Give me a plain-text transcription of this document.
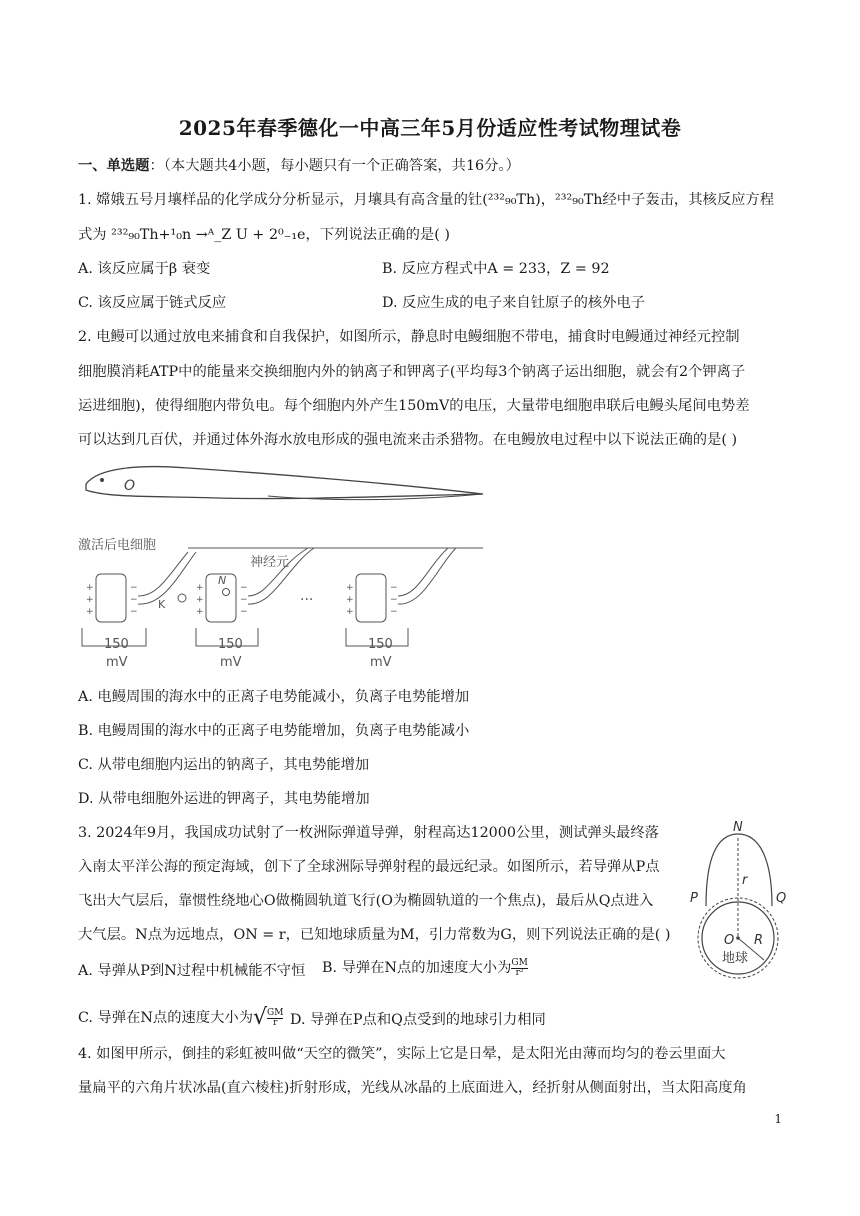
2025年春季德化一中高三年5月份适应性考试物理试卷
一、单选题：（本大题共4小题，每小题只有一个正确答案，共16分。）
1. 嫦娥五号月壤样品的化学成分分析显示，月壤具有高含量的钍(²³²₉₀Th)，²³²₉₀Th经中子轰击，其核反应方程
式为 ²³²₉₀Th+¹₀n →ᴬ_Z U + 2⁰₋₁e，下列说法正确的是( )
A. 该反应属于β 衰变	B. 反应方程式中A = 233，Z = 92
C. 该反应属于链式反应	D. 反应生成的电子来自钍原子的核外电子
2. 电鳗可以通过放电来捕食和自我保护，如图所示，静息时电鳗细胞不带电，捕食时电鳗通过神经元控制
细胞膜消耗ATP中的能量来交换细胞内外的钠离子和钾离子(平均每3个钠离子运出细胞，就会有2个钾离子
运进细胞)，使得细胞内带负电。每个细胞内外产生150mV的电压，大量带电细胞串联后电鳗头尾间电势差
可以达到几百伏，并通过体外海水放电形成的强电流来击杀猎物。在电鳗放电过程中以下说法正确的是( )
O
激活后电细胞
神经元
+
+
+
−
−
−
K
+
+
+
−
−
−
N
···
+
+
+
−
−
−
150
mV
150
mV
150
mV
A. 电鳗周围的海水中的正离子电势能减小，负离子电势能增加
B. 电鳗周围的海水中的正离子电势能增加，负离子电势能减小
C. 从带电细胞内运出的钠离子，其电势能增加
D. 从带电细胞外运进的钾离子，其电势能增加
3. 2024年9月，我国成功试射了一枚洲际弹道导弹，射程高达12000公里，测试弹头最终落
入南太平洋公海的预定海域，创下了全球洲际导弹射程的最远纪录。如图所示，若导弹从P点
飞出大气层后，靠惯性绕地心O做椭圆轨道飞行(O为椭圆轨道的一个焦点)，最后从Q点进入
大气层。N点为远地点，ON = r，已知地球质量为M，引力常数为G，则下列说法正确的是( )
N
P	Q
r
O R
地球
A. 导弹从P到N过程中机械能不守恒 B. 导弹在N点的加速度大小为 $\frac{GM}{\text{r²}}$
C. 导弹在N点的速度大小为√ $\frac{GM}{r} D$. 导弹在P点和Q点受到的地球引力相同
4. 如图甲所示，倒挂的彩虹被叫做“天空的微笑”，实际上它是日晕，是太阳光由薄而均匀的卷云里面大
量扁平的六角片状冰晶(直六棱柱)折射形成，光线从冰晶的上底面进入，经折射从侧面射出，当太阳高度角
1
